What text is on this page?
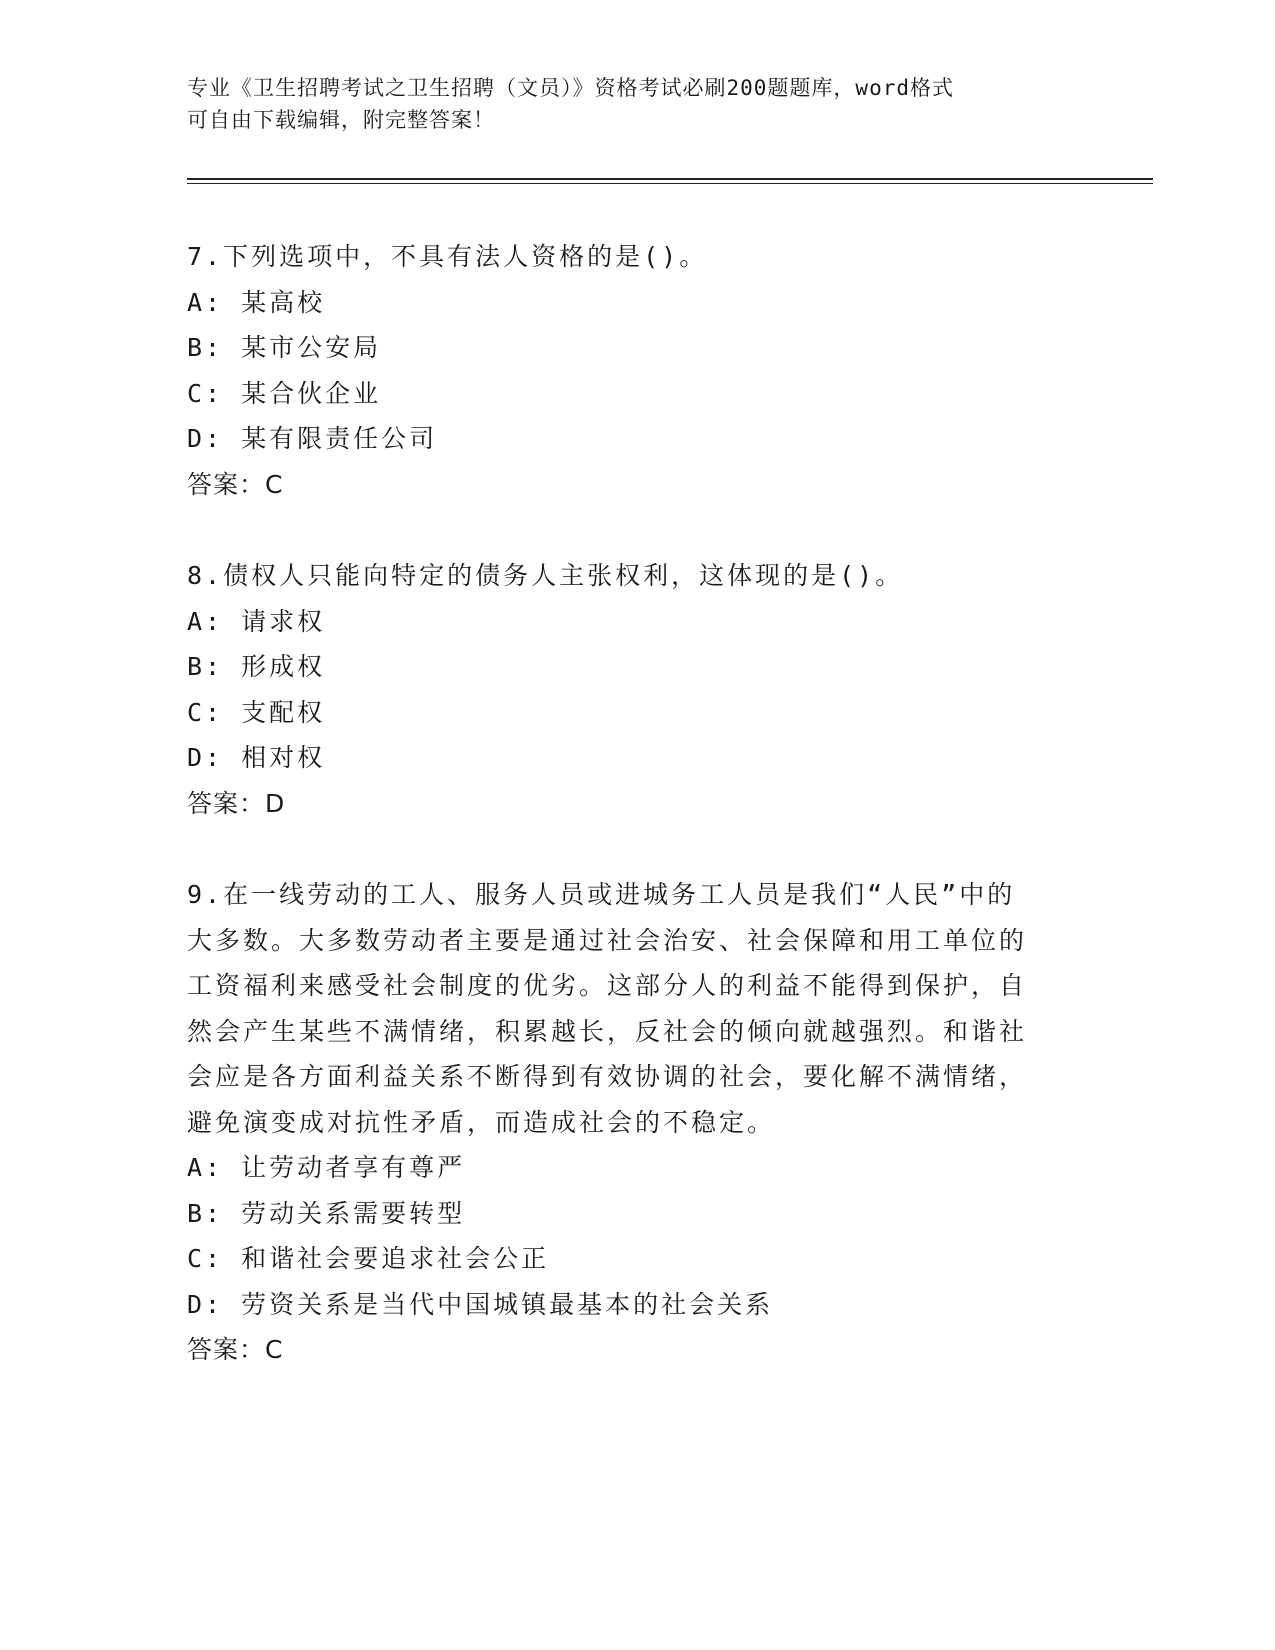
专业《卫生招聘考试之卫生招聘（文员）》资格考试必刷200题题库，word格式
可自由下载编辑，附完整答案！

7.下列选项中，不具有法人资格的是()。

A: 某高校

B: 某市公安局

C: 某合伙企业

D: 某有限责任公司

答案：C

8.债权人只能向特定的债务人主张权利，这体现的是()。

A: 请求权

B: 形成权

C: 支配权

D: 相对权

答案：D

9.在一线劳动的工人、服务人员或进城务工人员是我们“人民”中的

大多数。大多数劳动者主要是通过社会治安、社会保障和用工单位的

工资福利来感受社会制度的优劣。这部分人的利益不能得到保护，自

然会产生某些不满情绪，积累越长，反社会的倾向就越强烈。和谐社

会应是各方面利益关系不断得到有效协调的社会，要化解不满情绪，

避免演变成对抗性矛盾，而造成社会的不稳定。

A: 让劳动者享有尊严

B: 劳动关系需要转型

C: 和谐社会要追求社会公正

D: 劳资关系是当代中国城镇最基本的社会关系

答案：C
